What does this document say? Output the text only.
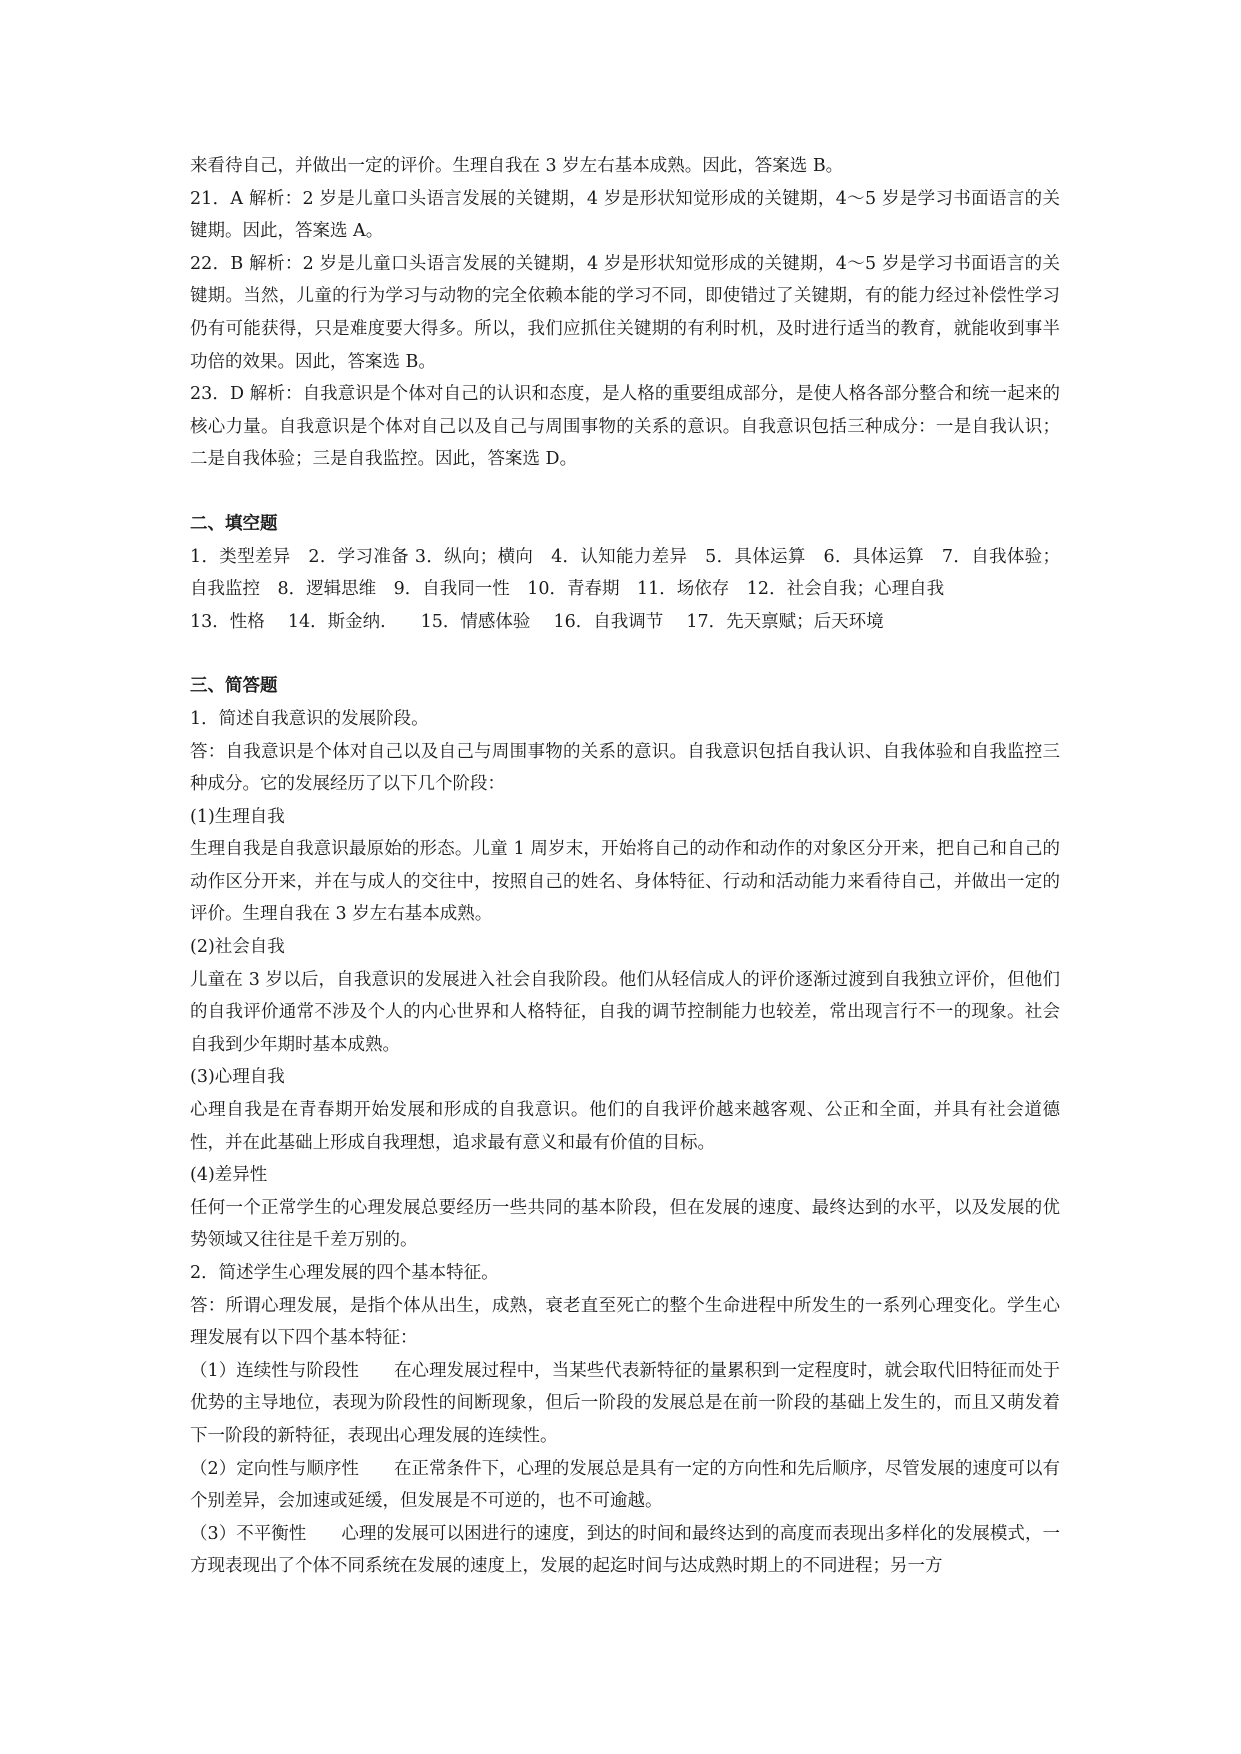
来看待自己，并做出一定的评价。生理自我在 3 岁左右基本成熟。因此，答案选 B。

21．A 解析：2 岁是儿童口头语言发展的关键期，4 岁是形状知觉形成的关键期，4～5 岁是学习书面语言的关键期。因此，答案选 A。

22．B 解析：2 岁是儿童口头语言发展的关键期，4 岁是形状知觉形成的关键期，4～5 岁是学习书面语言的关键期。当然，儿童的行为学习与动物的完全依赖本能的学习不同，即使错过了关键期，有的能力经过补偿性学习仍有可能获得，只是难度要大得多。所以，我们应抓住关键期的有利时机，及时进行适当的教育，就能收到事半功倍的效果。因此，答案选 B。

23．D 解析：自我意识是个体对自己的认识和态度，是人格的重要组成部分，是使人格各部分整合和统一起来的核心力量。自我意识是个体对自己以及自己与周围事物的关系的意识。自我意识包括三种成分：一是自我认识；二是自我体验；三是自我监控。因此，答案选 D。

二、填空题

1．类型差异　2．学习准备 3．纵向；横向　4．认知能力差异　5．具体运算　6．具体运算　7．自我体验；自我监控　8．逻辑思维　9．自我同一性　10．青春期　11．场依存　12．社会自我；心理自我

13．性格　 14．斯金纳.　　15．情感体验　 16．自我调节　 17．先天禀赋；后天环境

三、简答题

1．简述自我意识的发展阶段。

答：自我意识是个体对自己以及自己与周围事物的关系的意识。自我意识包括自我认识、自我体验和自我监控三种成分。它的发展经历了以下几个阶段：

(1)生理自我

生理自我是自我意识最原始的形态。儿童 1 周岁末，开始将自己的动作和动作的对象区分开来，把自己和自己的动作区分开来，并在与成人的交往中，按照自己的姓名、身体特征、行动和活动能力来看待自己，并做出一定的评价。生理自我在 3 岁左右基本成熟。

(2)社会自我

儿童在 3 岁以后，自我意识的发展进入社会自我阶段。他们从轻信成人的评价逐渐过渡到自我独立评价，但他们的自我评价通常不涉及个人的内心世界和人格特征，自我的调节控制能力也较差，常出现言行不一的现象。社会自我到少年期时基本成熟。

(3)心理自我

心理自我是在青春期开始发展和形成的自我意识。他们的自我评价越来越客观、公正和全面，并具有社会道德性，并在此基础上形成自我理想，追求最有意义和最有价值的目标。

(4)差异性

任何一个正常学生的心理发展总要经历一些共同的基本阶段，但在发展的速度、最终达到的水平，以及发展的优势领域又往往是千差万别的。

2．简述学生心理发展的四个基本特征。

答：所谓心理发展，是指个体从出生，成熟，衰老直至死亡的整个生命进程中所发生的一系列心理变化。学生心理发展有以下四个基本特征：

（1）连续性与阶段性　　在心理发展过程中，当某些代表新特征的量累积到一定程度时，就会取代旧特征而处于优势的主导地位，表现为阶段性的间断现象，但后一阶段的发展总是在前一阶段的基础上发生的，而且又萌发着下一阶段的新特征，表现出心理发展的连续性。

（2）定向性与顺序性　　在正常条件下，心理的发展总是具有一定的方向性和先后顺序，尽管发展的速度可以有个别差异，会加速或延缓，但发展是不可逆的，也不可逾越。

（3）不平衡性　　心理的发展可以困进行的速度，到达的时间和最终达到的高度而表现出多样化的发展模式，一方现表现出了个体不同系统在发展的速度上，发展的起迄时间与达成熟时期上的不同进程；另一方
